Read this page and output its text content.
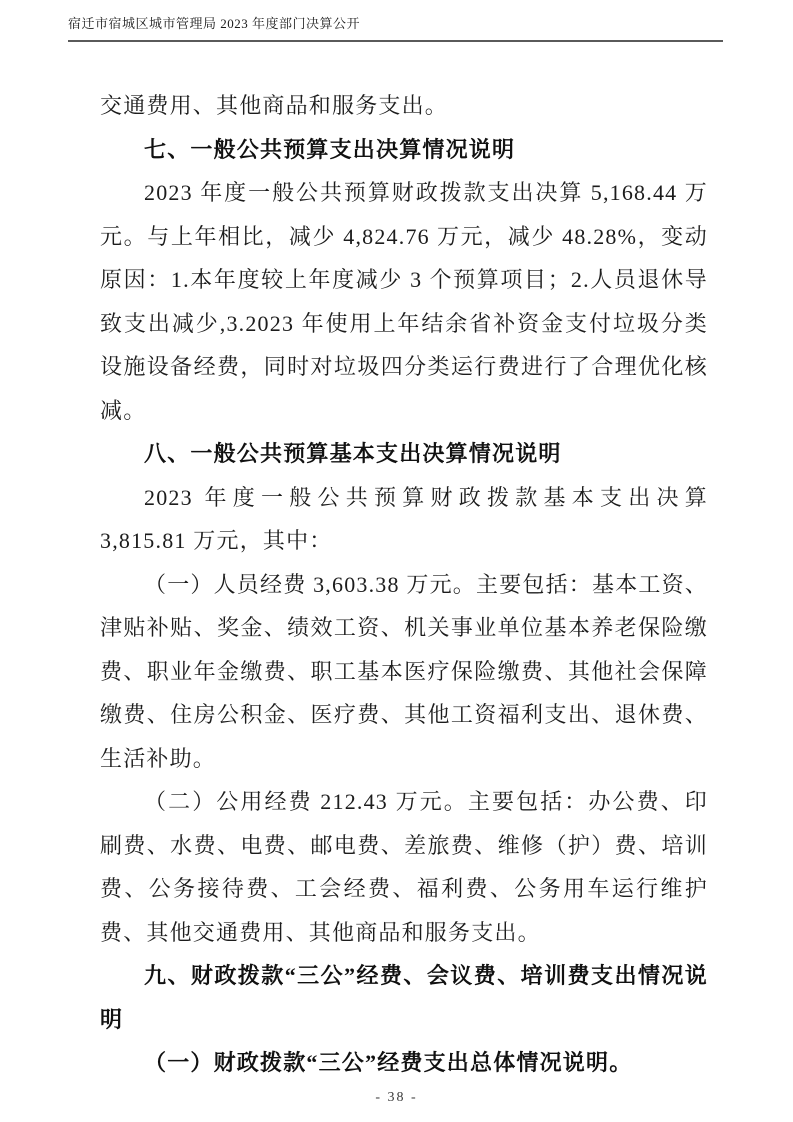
宿迁市宿城区城市管理局 2023 年度部门决算公开

交通费用、其他商品和服务支出。

七、一般公共预算支出决算情况说明

2023 年度一般公共预算财政拨款支出决算 5,168.44 万元。与上年相比，减少 4,824.76 万元，减少 48.28%，变动原因：1.本年度较上年度减少 3 个预算项目；2.人员退休导致支出减少,3.2023 年使用上年结余省补资金支付垃圾分类设施设备经费，同时对垃圾四分类运行费进行了合理优化核减。

八、一般公共预算基本支出决算情况说明

2023 年度一般公共预算财政拨款基本支出决算 3,815.81 万元，其中：

（一）人员经费 3,603.38 万元。主要包括：基本工资、津贴补贴、奖金、绩效工资、机关事业单位基本养老保险缴费、职业年金缴费、职工基本医疗保险缴费、其他社会保障缴费、住房公积金、医疗费、其他工资福利支出、退休费、生活补助。

（二）公用经费 212.43 万元。主要包括：办公费、印刷费、水费、电费、邮电费、差旅费、维修（护）费、培训费、公务接待费、工会经费、福利费、公务用车运行维护费、其他交通费用、其他商品和服务支出。

九、财政拨款“三公”经费、会议费、培训费支出情况说明

（一）财政拨款“三公”经费支出总体情况说明。

- 38 -
